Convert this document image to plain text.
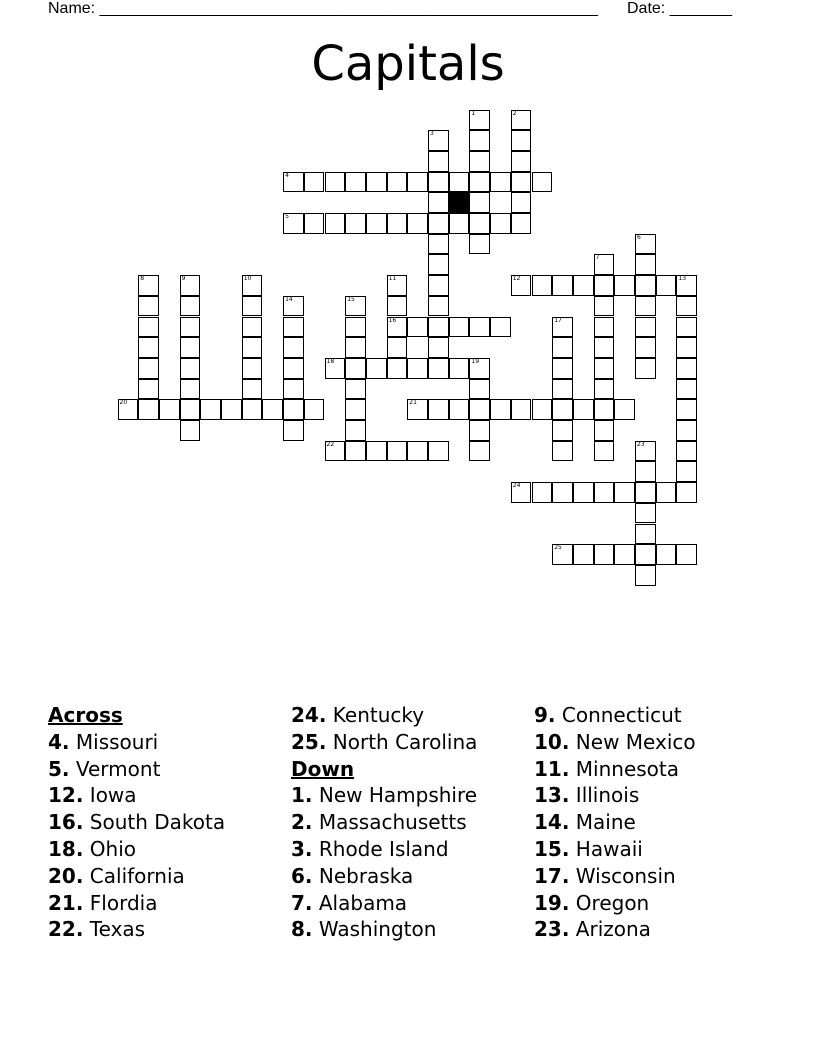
Name: ________________________________________________________ Date: _______
Capitals
1	2
3
4
5
6
7
8	9	10	11
16
12	13
14	15
17
18	19
20	21
22	23
24
25
Across
4. Missouri
5. Vermont
12. Iowa
16. South Dakota
18. Ohio
20. California
21. Flordia
22. Texas
24. Kentucky
25. North Carolina
Down
1. New Hampshire
2. Massachusetts
3. Rhode Island
6. Nebraska
7. Alabama
8. Washington
9. Connecticut
10. New Mexico
11. Minnesota
13. Illinois
14. Maine
15. Hawaii
17. Wisconsin
19. Oregon
23. Arizona
